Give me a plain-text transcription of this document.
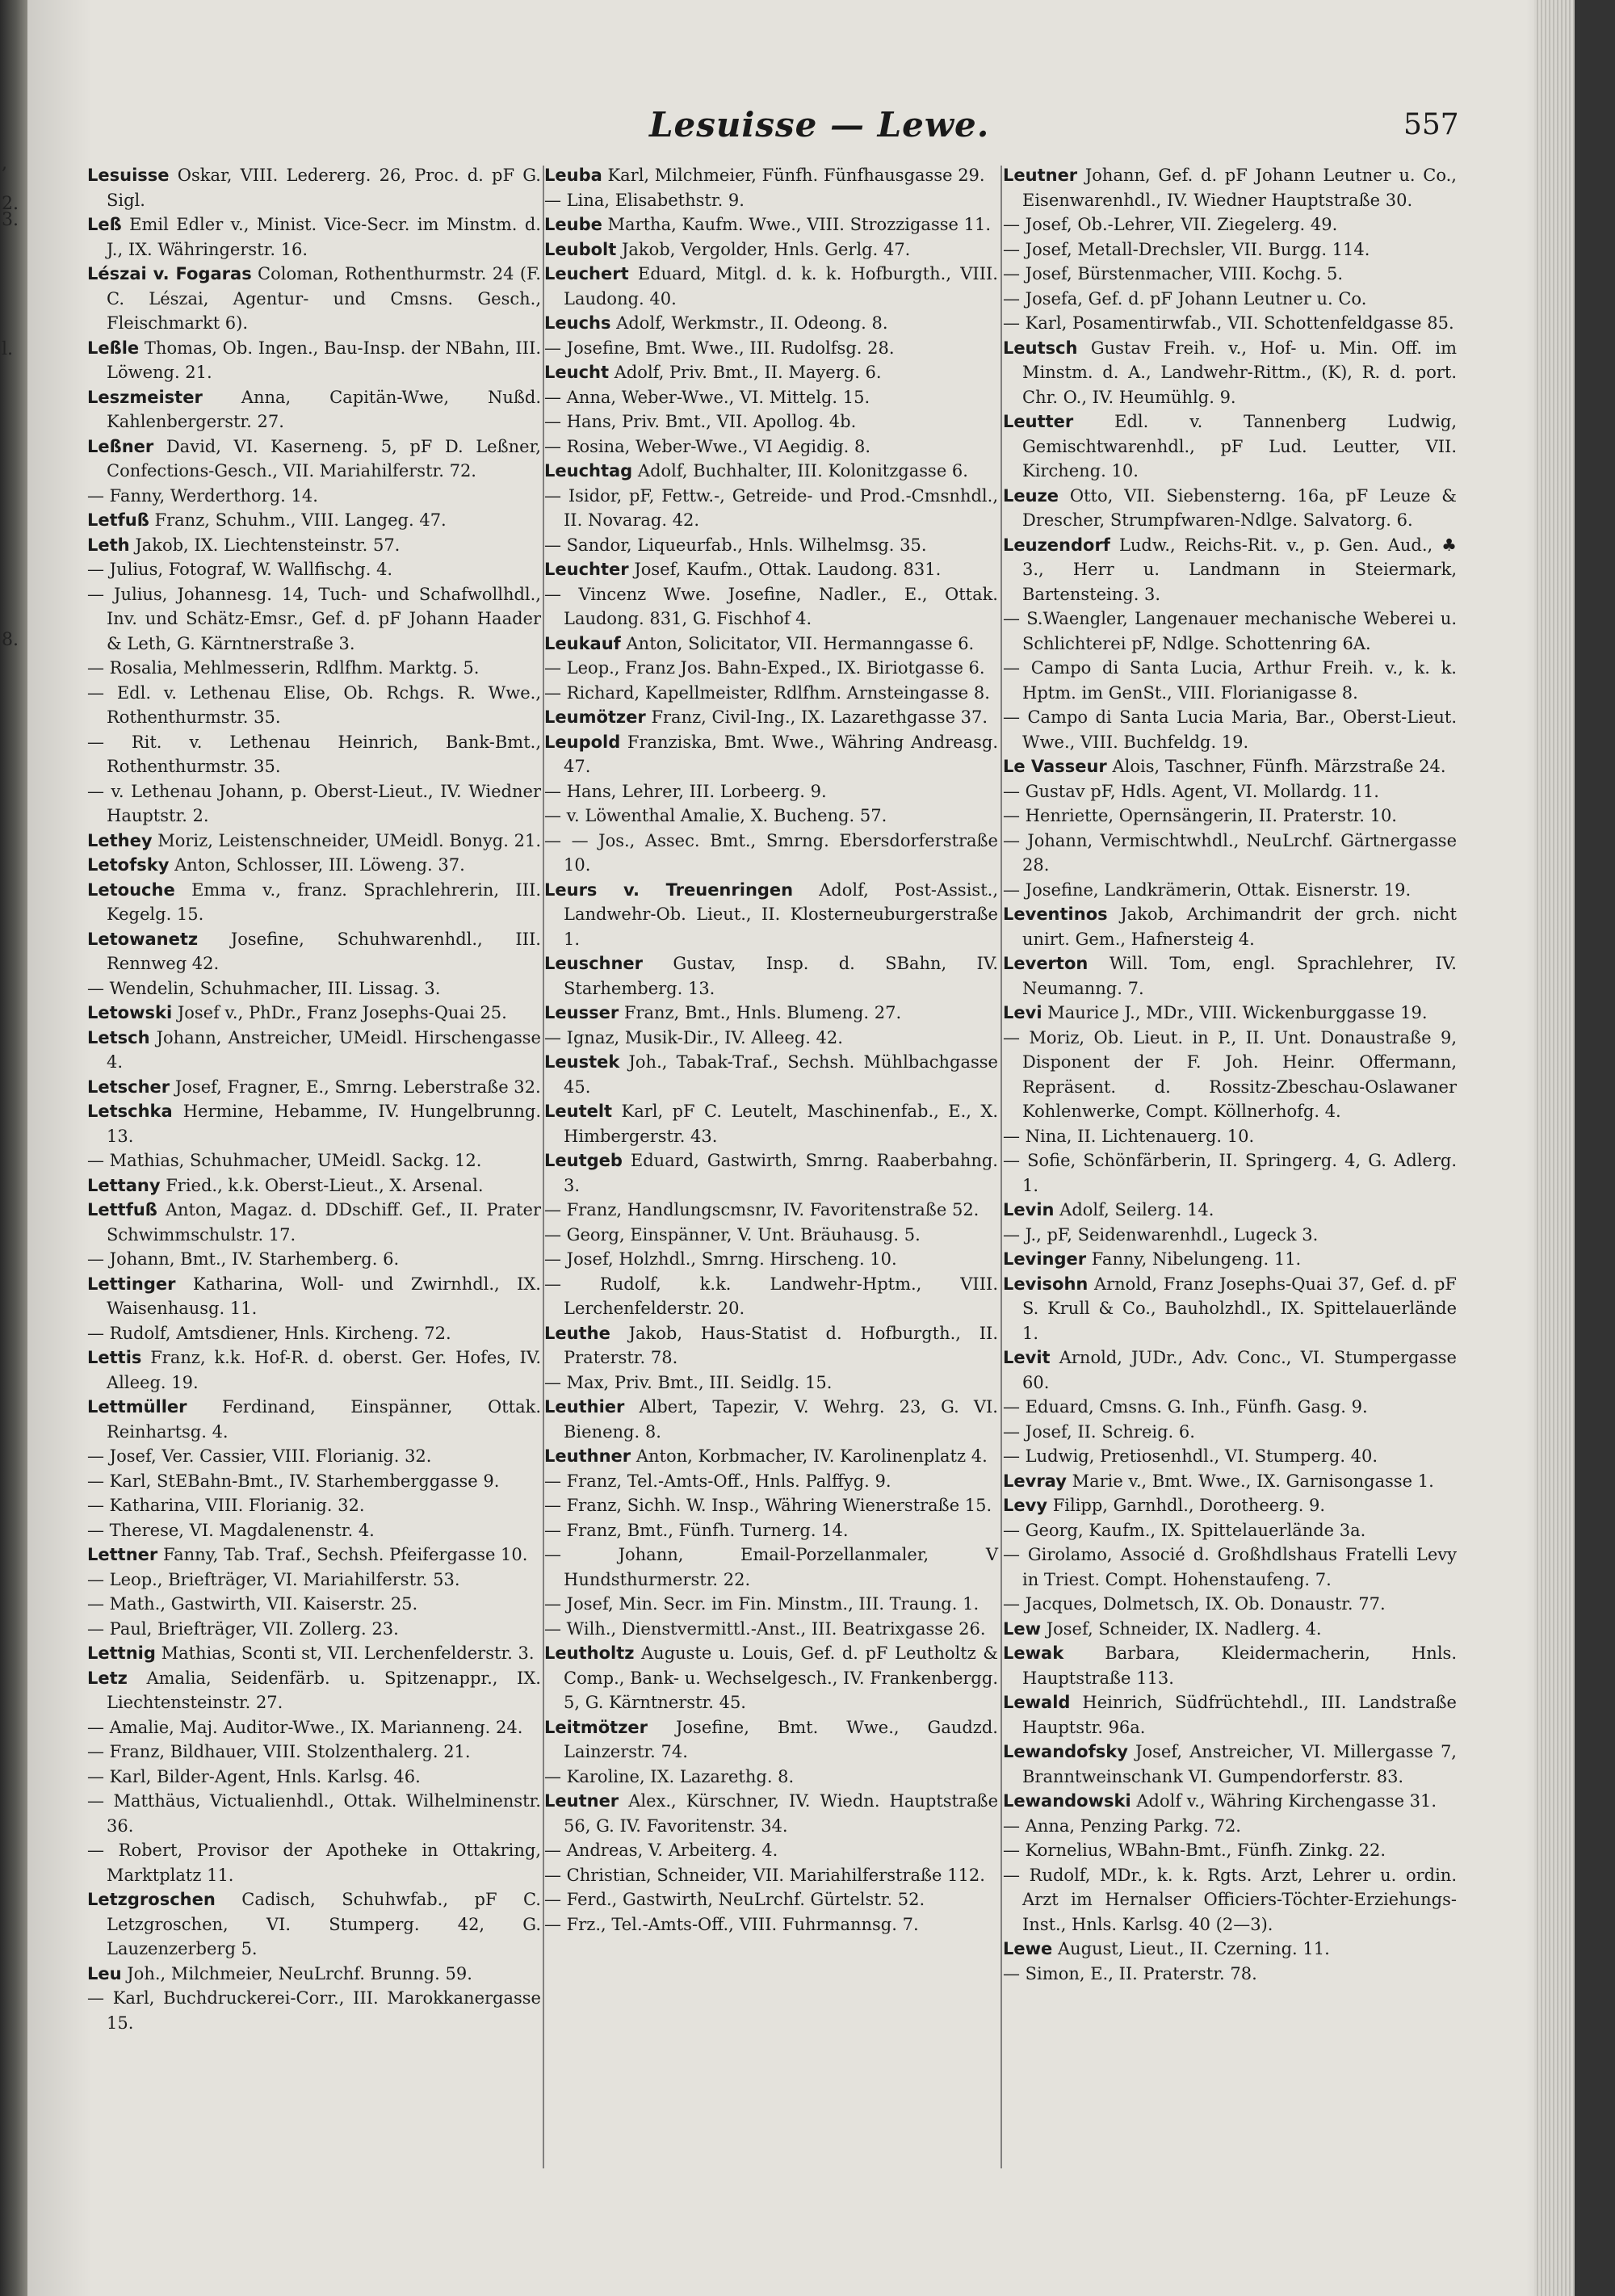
,
2.
3.
l.
8.
Lesuisse — Lewe.	557
Lesuisse Oskar, VIII. Ledererg. 26, Proc. d. pF G. Sigl.
Leß Emil Edler v., Minist. Vice-Secr. im Minstm. d. J., IX. Währingerstr. 16.
Lészai v. Fogaras Coloman, Rothenthurmstr. 24 (F. C. Lészai, Agentur- und Cmsns. Gesch., Fleischmarkt 6).
Leßle Thomas, Ob. Ingen., Bau-Insp. der NBahn, III. Löweng. 21.
Leszmeister Anna, Capitän-Wwe, Nußd. Kahlenbergerstr. 27.
Leßner David, VI. Kaserneng. 5, pF D. Leßner, Confections-Gesch., VII. Mariahilferstr. 72.
— Fanny, Werderthorg. 14.
Letfuß Franz, Schuhm., VIII. Langeg. 47.
Leth Jakob, IX. Liechtensteinstr. 57.
— Julius, Fotograf, W. Wallfischg. 4.
— Julius, Johannesg. 14, Tuch- und Schafwollhdl., Inv. und Schätz-Emsr., Gef. d. pF Johann Haader & Leth, G. Kärntnerstraße 3.
— Rosalia, Mehlmesserin, Rdlfhm. Marktg. 5.
— Edl. v. Lethenau Elise, Ob. Rchgs. R. Wwe., Rothenthurmstr. 35.
— Rit. v. Lethenau Heinrich, Bank-Bmt., Rothenthurmstr. 35.
— v. Lethenau Johann, p. Oberst-Lieut., IV. Wiedner Hauptstr. 2.
Lethey Moriz, Leistenschneider, UMeidl. Bonyg. 21.
Letofsky Anton, Schlosser, III. Löweng. 37.
Letouche Emma v., franz. Sprachlehrerin, III. Kegelg. 15.
Letowanetz Josefine, Schuhwarenhdl., III. Rennweg 42.
— Wendelin, Schuhmacher, III. Lissag. 3.
Letowski Josef v., PhDr., Franz Josephs-Quai 25.
Letsch Johann, Anstreicher, UMeidl. Hirschengasse 4.
Letscher Josef, Fragner, E., Smrng. Leberstraße 32.
Letschka Hermine, Hebamme, IV. Hungelbrunng. 13.
— Mathias, Schuhmacher, UMeidl. Sackg. 12.
Lettany Fried., k.k. Oberst-Lieut., X. Arsenal.
Lettfuß Anton, Magaz. d. DDschiff. Gef., II. Prater Schwimmschulstr. 17.
— Johann, Bmt., IV. Starhemberg. 6.
Lettinger Katharina, Woll- und Zwirnhdl., IX. Waisenhausg. 11.
— Rudolf, Amtsdiener, Hnls. Kircheng. 72.
Lettis Franz, k.k. Hof-R. d. oberst. Ger. Hofes, IV. Alleeg. 19.
Lettmüller Ferdinand, Einspänner, Ottak. Reinhartsg. 4.
— Josef, Ver. Cassier, VIII. Florianig. 32.
— Karl, StEBahn-Bmt., IV. Starhemberggasse 9.
— Katharina, VIII. Florianig. 32.
— Therese, VI. Magdalenenstr. 4.
Lettner Fanny, Tab. Traf., Sechsh. Pfeifergasse 10.
— Leop., Briefträger, VI. Mariahilferstr. 53.
— Math., Gastwirth, VII. Kaiserstr. 25.
— Paul, Briefträger, VII. Zollerg. 23.
Lettnig Mathias, Sconti st, VII. Lerchenfelderstr. 3.
Letz Amalia, Seidenfärb. u. Spitzenappr., IX. Liechtensteinstr. 27.
— Amalie, Maj. Auditor-Wwe., IX. Marianneng. 24.
— Franz, Bildhauer, VIII. Stolzenthalerg. 21.
— Karl, Bilder-Agent, Hnls. Karlsg. 46.
— Matthäus, Victualienhdl., Ottak. Wilhelminenstr. 36.
— Robert, Provisor der Apotheke in Ottakring, Marktplatz 11.
Letzgroschen Cadisch, Schuhwfab., pF C. Letzgroschen, VI. Stumperg. 42, G. Lauzenzerberg 5.
Leu Joh., Milchmeier, NeuLrchf. Brunng. 59.
— Karl, Buchdruckerei-Corr., III. Marokkanergasse 15.
Leuba Karl, Milchmeier, Fünfh. Fünfhausgasse 29.
— Lina, Elisabethstr. 9.
Leube Martha, Kaufm. Wwe., VIII. Strozzigasse 11.
Leubolt Jakob, Vergolder, Hnls. Gerlg. 47.
Leuchert Eduard, Mitgl. d. k. k. Hofburgth., VIII. Laudong. 40.
Leuchs Adolf, Werkmstr., II. Odeong. 8.
— Josefine, Bmt. Wwe., III. Rudolfsg. 28.
Leucht Adolf, Priv. Bmt., II. Mayerg. 6.
— Anna, Weber-Wwe., VI. Mittelg. 15.
— Hans, Priv. Bmt., VII. Apollog. 4b.
— Rosina, Weber-Wwe., VI Aegidig. 8.
Leuchtag Adolf, Buchhalter, III. Kolonitzgasse 6.
— Isidor, pF, Fettw.-, Getreide- und Prod.-Cmsnhdl., II. Novarag. 42.
— Sandor, Liqueurfab., Hnls. Wilhelmsg. 35.
Leuchter Josef, Kaufm., Ottak. Laudong. 831.
— Vincenz Wwe. Josefine, Nadler., E., Ottak. Laudong. 831, G. Fischhof 4.
Leukauf Anton, Solicitator, VII. Hermanngasse 6.
— Leop., Franz Jos. Bahn-Exped., IX. Biriotgasse 6.
— Richard, Kapellmeister, Rdlfhm. Arnsteingasse 8.
Leumötzer Franz, Civil-Ing., IX. Lazarethgasse 37.
Leupold Franziska, Bmt. Wwe., Währing Andreasg. 47.
— Hans, Lehrer, III. Lorbeerg. 9.
— v. Löwenthal Amalie, X. Bucheng. 57.
— — Jos., Assec. Bmt., Smrng. Ebersdorferstraße 10.
Leurs v. Treuenringen Adolf, Post-Assist., Landwehr-Ob. Lieut., II. Klosterneuburgerstraße 1.
Leuschner Gustav, Insp. d. SBahn, IV. Starhemberg. 13.
Leusser Franz, Bmt., Hnls. Blumeng. 27.
— Ignaz, Musik-Dir., IV. Alleeg. 42.
Leustek Joh., Tabak-Traf., Sechsh. Mühlbachgasse 45.
Leutelt Karl, pF C. Leutelt, Maschinenfab., E., X. Himbergerstr. 43.
Leutgeb Eduard, Gastwirth, Smrng. Raaberbahng. 3.
— Franz, Handlungscmsnr, IV. Favoritenstraße 52.
— Georg, Einspänner, V. Unt. Bräuhausg. 5.
— Josef, Holzhdl., Smrng. Hirscheng. 10.
— Rudolf, k.k. Landwehr-Hptm., VIII. Lerchenfelderstr. 20.
Leuthe Jakob, Haus-Statist d. Hofburgth., II. Praterstr. 78.
— Max, Priv. Bmt., III. Seidlg. 15.
Leuthier Albert, Tapezir, V. Wehrg. 23, G. VI. Bieneng. 8.
Leuthner Anton, Korbmacher, IV. Karolinenplatz 4.
— Franz, Tel.-Amts-Off., Hnls. Palffyg. 9.
— Franz, Sichh. W. Insp., Währing Wienerstraße 15.
— Franz, Bmt., Fünfh. Turnerg. 14.
— Johann, Email-Porzellanmaler, V Hundsthurmerstr. 22.
— Josef, Min. Secr. im Fin. Minstm., III. Traung. 1.
— Wilh., Dienstvermittl.-Anst., III. Beatrixgasse 26.
Leutholtz Auguste u. Louis, Gef. d. pF Leutholtz & Comp., Bank- u. Wechselgesch., IV. Frankenbergg. 5, G. Kärntnerstr. 45.
Leitmötzer Josefine, Bmt. Wwe., Gaudzd. Lainzerstr. 74.
— Karoline, IX. Lazarethg. 8.
Leutner Alex., Kürschner, IV. Wiedn. Hauptstraße 56, G. IV. Favoritenstr. 34.
— Andreas, V. Arbeiterg. 4.
— Christian, Schneider, VII. Mariahilferstraße 112.
— Ferd., Gastwirth, NeuLrchf. Gürtelstr. 52.
— Frz., Tel.-Amts-Off., VIII. Fuhrmannsg. 7.
Leutner Johann, Gef. d. pF Johann Leutner u. Co., Eisenwarenhdl., IV. Wiedner Hauptstraße 30.
— Josef, Ob.-Lehrer, VII. Ziegelerg. 49.
— Josef, Metall-Drechsler, VII. Burgg. 114.
— Josef, Bürstenmacher, VIII. Kochg. 5.
— Josefa, Gef. d. pF Johann Leutner u. Co.
— Karl, Posamentirwfab., VII. Schottenfeldgasse 85.
Leutsch Gustav Freih. v., Hof- u. Min. Off. im Minstm. d. A., Landwehr-Rittm., (K), R. d. port. Chr. O., IV. Heumühlg. 9.
Leutter Edl. v. Tannenberg Ludwig, Gemischtwarenhdl., pF Lud. Leutter, VII. Kircheng. 10.
Leuze Otto, VII. Siebensterng. 16a, pF Leuze & Drescher, Strumpfwaren-Ndlge. Salvatorg. 6.
Leuzendorf Ludw., Reichs-Rit. v., p. Gen. Aud., ♣ 3., Herr u. Landmann in Steiermark, Bartensteing. 3.
— S.Waengler, Langenauer mechanische Weberei u. Schlichterei pF, Ndlge. Schottenring 6A.
— Campo di Santa Lucia, Arthur Freih. v., k. k. Hptm. im GenSt., VIII. Florianigasse 8.
— Campo di Santa Lucia Maria, Bar., Oberst-Lieut. Wwe., VIII. Buchfeldg. 19.
Le Vasseur Alois, Taschner, Fünfh. Märzstraße 24.
— Gustav pF, Hdls. Agent, VI. Mollardg. 11.
— Henriette, Opernsängerin, II. Praterstr. 10.
— Johann, Vermischtwhdl., NeuLrchf. Gärtnergasse 28.
— Josefine, Landkrämerin, Ottak. Eisnerstr. 19.
Leventinos Jakob, Archimandrit der grch. nicht unirt. Gem., Hafnersteig 4.
Leverton Will. Tom, engl. Sprachlehrer, IV. Neumanng. 7.
Levi Maurice J., MDr., VIII. Wickenburggasse 19.
— Moriz, Ob. Lieut. in P., II. Unt. Donaustraße 9, Disponent der F. Joh. Heinr. Offermann, Repräsent. d. Rossitz-Zbeschau-Oslawaner Kohlenwerke, Compt. Köllnerhofg. 4.
— Nina, II. Lichtenauerg. 10.
— Sofie, Schönfärberin, II. Springerg. 4, G. Adlerg. 1.
Levin Adolf, Seilerg. 14.
— J., pF, Seidenwarenhdl., Lugeck 3.
Levinger Fanny, Nibelungeng. 11.
Levisohn Arnold, Franz Josephs-Quai 37, Gef. d. pF S. Krull & Co., Bauholzhdl., IX. Spittelauerlände 1.
Levit Arnold, JUDr., Adv. Conc., VI. Stumpergasse 60.
— Eduard, Cmsns. G. Inh., Fünfh. Gasg. 9.
— Josef, II. Schreig. 6.
— Ludwig, Pretiosenhdl., VI. Stumperg. 40.
Levray Marie v., Bmt. Wwe., IX. Garnisongasse 1.
Levy Filipp, Garnhdl., Dorotheerg. 9.
— Georg, Kaufm., IX. Spittelauerlände 3a.
— Girolamo, Associé d. Großhdlshaus Fratelli Levy in Triest. Compt. Hohenstaufeng. 7.
— Jacques, Dolmetsch, IX. Ob. Donaustr. 77.
Lew Josef, Schneider, IX. Nadlerg. 4.
Lewak Barbara, Kleidermacherin, Hnls. Hauptstraße 113.
Lewald Heinrich, Südfrüchtehdl., III. Landstraße Hauptstr. 96a.
Lewandofsky Josef, Anstreicher, VI. Millergasse 7, Branntweinschank VI. Gumpendorferstr. 83.
Lewandowski Adolf v., Währing Kirchengasse 31.
— Anna, Penzing Parkg. 72.
— Kornelius, WBahn-Bmt., Fünfh. Zinkg. 22.
— Rudolf, MDr., k. k. Rgts. Arzt, Lehrer u. ordin. Arzt im Hernalser Officiers-Töchter-Erziehungs-Inst., Hnls. Karlsg. 40 (2—3).
Lewe August, Lieut., II. Czerning. 11.
— Simon, E., II. Praterstr. 78.
